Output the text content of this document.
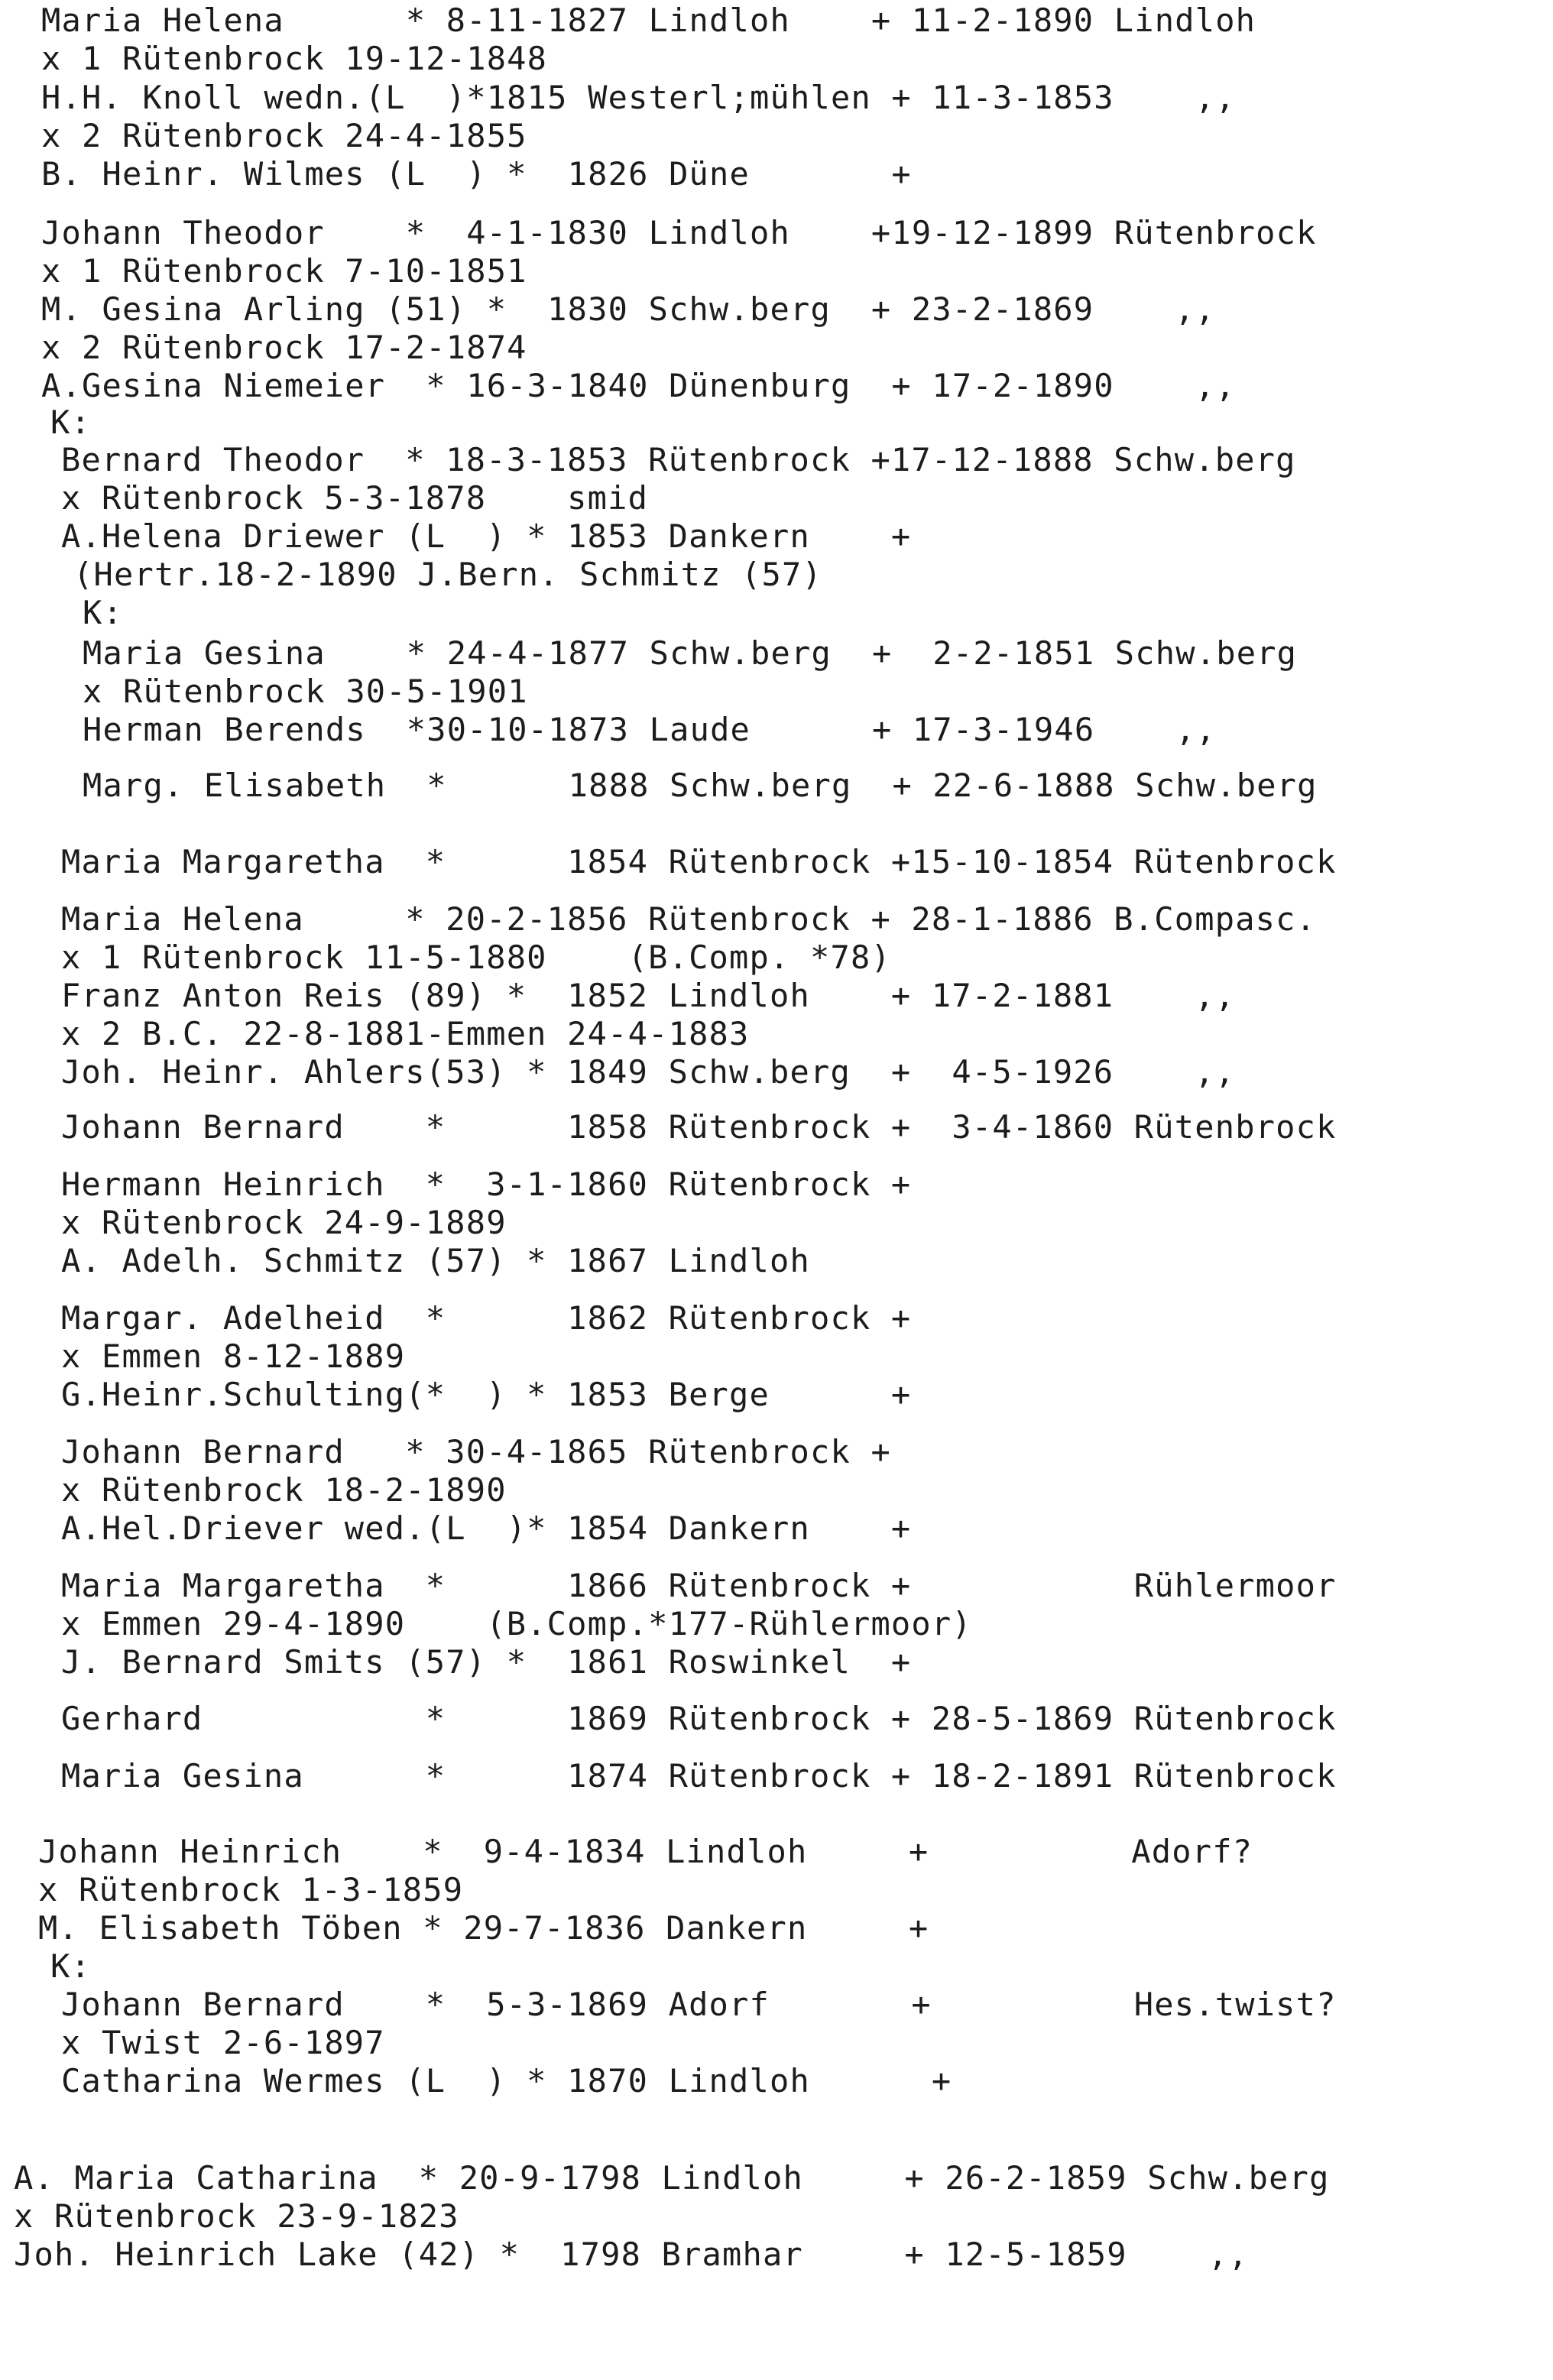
Maria Helena      * 8-11-1827 Lindloh    + 11-2-1890 Lindloh
x 1 Rütenbrock 19-12-1848
H.H. Knoll wedn.(L  )*1815 Westerl;mühlen + 11-3-1853    ,,
x 2 Rütenbrock 24-4-1855
B. Heinr. Wilmes (L  ) *  1826 Düne       +
Johann Theodor    *  4-1-1830 Lindloh    +19-12-1899 Rütenbrock
x 1 Rütenbrock 7-10-1851
M. Gesina Arling (51) *  1830 Schw.berg  + 23-2-1869    ,,
x 2 Rütenbrock 17-2-1874
A.Gesina Niemeier  * 16-3-1840 Dünenburg  + 17-2-1890    ,,
K:
Bernard Theodor  * 18-3-1853 Rütenbrock +17-12-1888 Schw.berg
x Rütenbrock 5-3-1878    smid
A.Helena Driewer (L  ) * 1853 Dankern    +
(Hertr.18-2-1890 J.Bern. Schmitz (57)
K:
Maria Gesina    * 24-4-1877 Schw.berg  +  2-2-1851 Schw.berg
x Rütenbrock 30-5-1901
Herman Berends  *30-10-1873 Laude      + 17-3-1946    ,,
Marg. Elisabeth  *      1888 Schw.berg  + 22-6-1888 Schw.berg
Maria Margaretha  *      1854 Rütenbrock +15-10-1854 Rütenbrock
Maria Helena     * 20-2-1856 Rütenbrock + 28-1-1886 B.Compasc.
x 1 Rütenbrock 11-5-1880    (B.Comp. *78)
Franz Anton Reis (89) *  1852 Lindloh    + 17-2-1881    ,,
x 2 B.C. 22-8-1881-Emmen 24-4-1883
Joh. Heinr. Ahlers(53) * 1849 Schw.berg  +  4-5-1926    ,,
Johann Bernard    *      1858 Rütenbrock +  3-4-1860 Rütenbrock
Hermann Heinrich  *  3-1-1860 Rütenbrock +
x Rütenbrock 24-9-1889
A. Adelh. Schmitz (57) * 1867 Lindloh
Margar. Adelheid  *      1862 Rütenbrock +
x Emmen 8-12-1889
G.Heinr.Schulting(*  ) * 1853 Berge      +
Johann Bernard   * 30-4-1865 Rütenbrock +
x Rütenbrock 18-2-1890
A.Hel.Driever wed.(L  )* 1854 Dankern    +
Maria Margaretha  *      1866 Rütenbrock +           Rühlermoor
x Emmen 29-4-1890    (B.Comp.*177-Rühlermoor)
J. Bernard Smits (57) *  1861 Roswinkel  +
Gerhard           *      1869 Rütenbrock + 28-5-1869 Rütenbrock
Maria Gesina      *      1874 Rütenbrock + 18-2-1891 Rütenbrock
Johann Heinrich    *  9-4-1834 Lindloh     +          Adorf?
x Rütenbrock 1-3-1859
M. Elisabeth Töben * 29-7-1836 Dankern     +
K:
Johann Bernard    *  5-3-1869 Adorf       +          Hes.twist?
x Twist 2-6-1897
Catharina Wermes (L  ) * 1870 Lindloh      +
A. Maria Catharina  * 20-9-1798 Lindloh     + 26-2-1859 Schw.berg
x Rütenbrock 23-9-1823
Joh. Heinrich Lake (42) *  1798 Bramhar     + 12-5-1859    ,,
